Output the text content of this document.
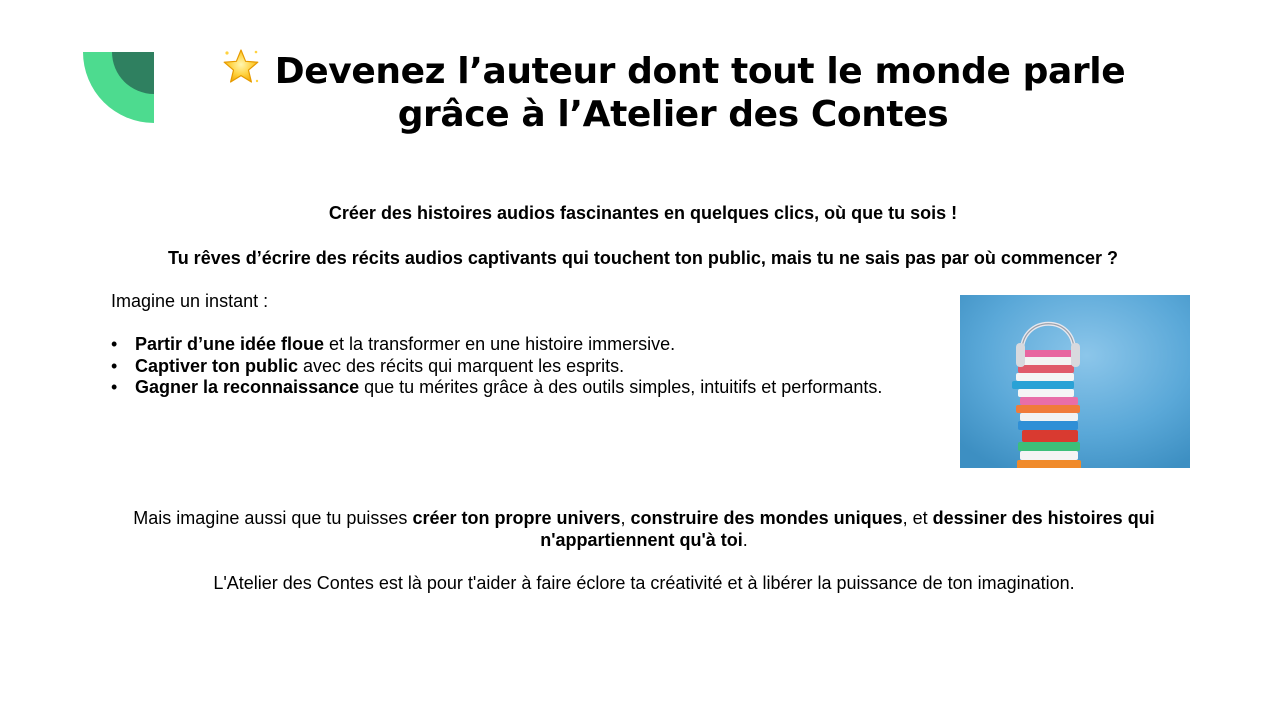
Devenez l’auteur dont tout le monde parle
grâce à l’Atelier des Contes

Créer des histoires audios fascinantes en quelques clics, où que tu sois !

Tu rêves d’écrire des récits audios captivants qui touchent ton public, mais tu ne sais pas par où commencer ?

Imagine un instant :

• Partir d’une idée floue et la transformer en une histoire immersive.
• Captiver ton public avec des récits qui marquent les esprits.
• Gagner la reconnaissance que tu mérites grâce à des outils simples, intuitifs et performants.

Mais imagine aussi que tu puisses créer ton propre univers, construire des mondes uniques, et dessiner des histoires qui n'appartiennent qu'à toi.

L'Atelier des Contes est là pour t'aider à faire éclore ta créativité et à libérer la puissance de ton imagination.
